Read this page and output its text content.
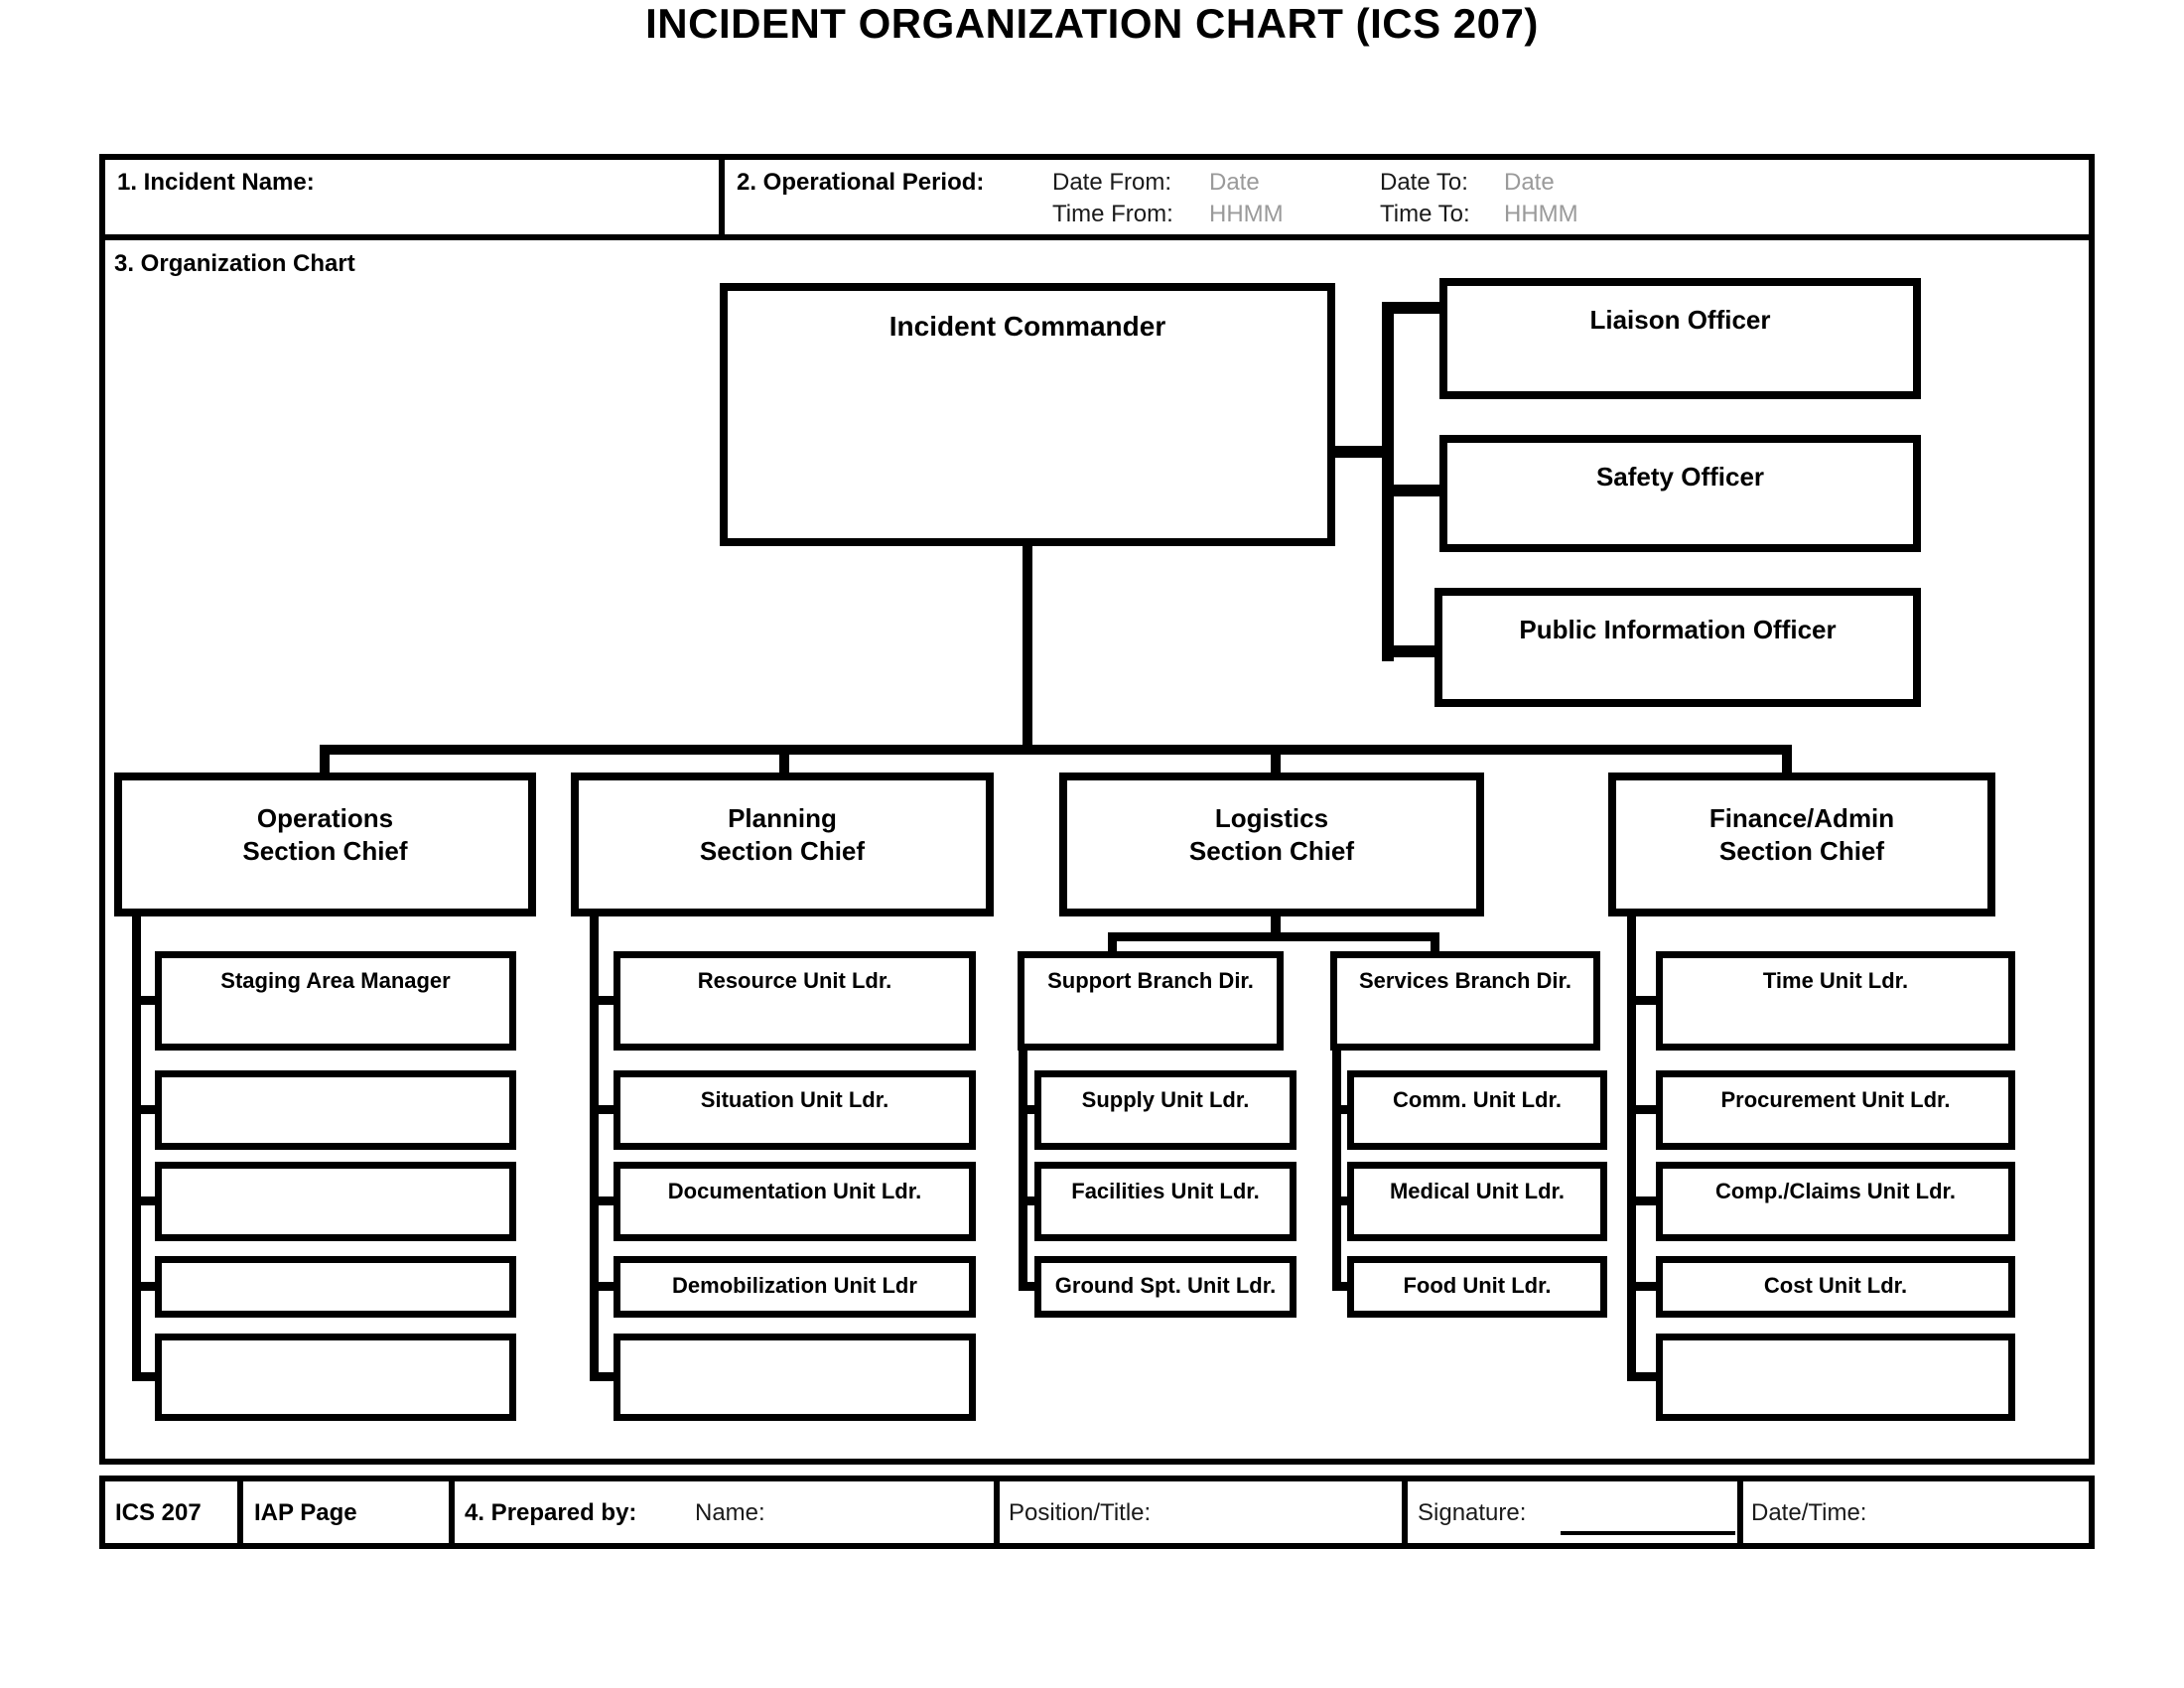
INCIDENT ORGANIZATION CHART (ICS 207)
1. Incident Name:	2. Operational Period:	Date From: Date	Date To: Date
Time From: HHMM	Time To: HHMM
3. Organization Chart
Incident Commander	Liaison Officer
Safety Officer
Public Information Officer
Operations
Section Chief
Planning
Section Chief
Logistics
Section Chief
Finance/Admin
Section Chief
Staging Area Manager	Resource Unit Ldr.
Situation Unit Ldr.
Documentation Unit Ldr.
Demobilization Unit Ldr
Support Branch Dir.
Supply Unit Ldr.
Facilities Unit Ldr.
Ground Spt. Unit Ldr.
Services Branch Dir.
Comm. Unit Ldr.
Medical Unit Ldr.
Food Unit Ldr.
Time Unit Ldr.
Procurement Unit Ldr.
Comp./Claims Unit Ldr.
Cost Unit Ldr.
ICS 207 IAP Page	4. Prepared by: Name:	Position/Title:	Signature:	Date/Time:
